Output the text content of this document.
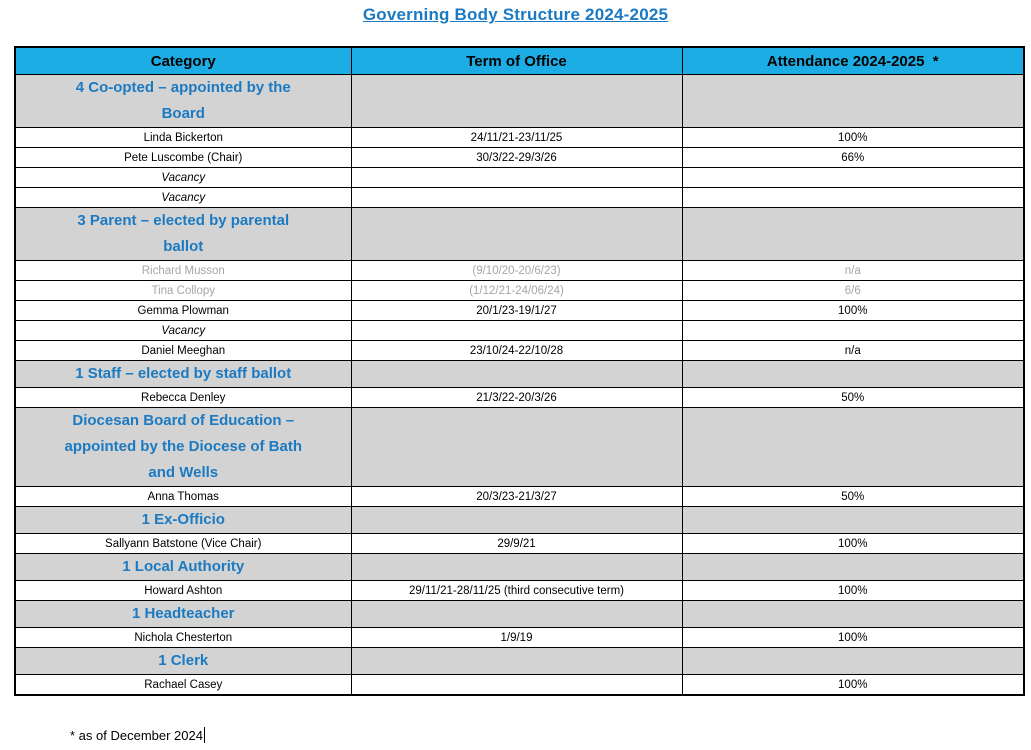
Governing Body Structure 2024-2025
Category	Term of Office	Attendance 2024-2025  *
4 Co-opted – appointed by the Board		
Linda Bickerton	24/11/21-23/11/25	100%
Pete Luscombe (Chair)	30/3/22-29/3/26	66%
Vacancy		
Vacancy		
3 Parent – elected by parental ballot		
Richard Musson	(9/10/20-20/6/23)	n/a
Tina Collopy	(1/12/21-24/06/24)	6/6
Gemma Plowman	20/1/23-19/1/27	100%
Vacancy		
Daniel Meeghan	23/10/24-22/10/28	n/a
1 Staff – elected by staff ballot		
Rebecca Denley	21/3/22-20/3/26	50%
Diocesan Board of Education – appointed by the Diocese of Bath and Wells		
Anna Thomas	20/3/23-21/3/27	50%
1 Ex-Officio		
Sallyann Batstone (Vice Chair)	29/9/21	100%
1 Local Authority		
Howard Ashton	29/11/21-28/11/25 (third consecutive term)	100%
1 Headteacher		
Nichola Chesterton	1/9/19	100%
1 Clerk		
Rachael Casey		100%
* as of December 2024
